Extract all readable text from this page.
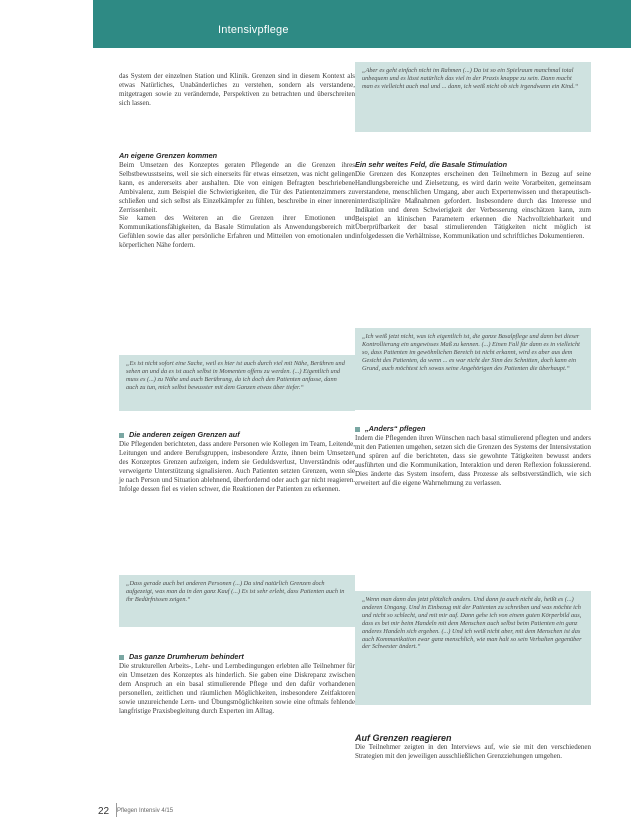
Intensivpflege

das System der einzelnen Station und Klinik. Grenzen sind in diesem Kontext als etwas Natürliches, Unabänderliches zu verstehen, sondern als verstandene, mitgetragen sowie zu verändernde, Perspektiven zu betrachten und überschreiten sich lassen.

An eigene Grenzen kommen

Beim Umsetzen des Konzeptes geraten Pflegende an die Grenzen ihres Selbstbewusstseins, weil sie sich einerseits für etwas einsetzen, was nicht gelingen kann, es andererseits aber aushalten. Die von einigen Befragten beschriebene Ambivalenz, zum Beispiel die Schwierigkeiten, die Tür des Patientenzimmers zu schließen und sich selbst als Einzelkämpfer zu fühlen, beschreibe in einer inneren Zerrissenheit.

Sie kamen des Weiteren an die Grenzen ihrer Emotionen und Kommunikationsfähigkeiten, da Basale Stimulation als Anwendungsbereich mit Gefühlen sowie das aller persönliche Erfahren und Mitteilen von emotionalen und körperlichen Nähe fordern.

„Es ist nicht sofort eine Sache, weil es hier ist auch durch viel mit Nähe, Berühren und sehen an und da es ist auch selbst in Momenten offens zu werden. (...) Eigentlich und muss es (...) zu Nähe und auch Berührung, da ich doch den Patienten anfasse, dann auch zu tun, mich selbst bewusster mit dem Ganzen etwas über tiefer.“

Die anderen zeigen Grenzen auf

Die Pflegenden berichteten, dass andere Personen wie Kollegen im Team, Leitende, Leitungen und andere Berufsgruppen, insbesondere Ärzte, ihnen beim Umsetzen des Konzeptes Grenzen aufzeigen, indem sie Geduldsverlust, Unverständnis oder verweigerte Unterstützung signalisieren. Auch Patienten setzten Grenzen, wenn sie je nach Person und Situation ablehnend, überfordernd oder auch gar nicht reagieren. Infolge dessen fiel es vielen schwer, die Reaktionen der Patienten zu erkennen.

„Dass gerade auch bei anderen Personen (...) Da sind natürlich Grenzen doch aufgezeigt, was man da in den ganz Kauf (...) Es ist sehr erlebt, dass Patienten auch in ihr Bedürfnissen zeigen.“

Das ganze Drumherum behindert

Die strukturellen Arbeits-, Lehr- und Lernbedingungen erlebten alle Teilnehmer für ein Umsetzen des Konzeptes als hinderlich. Sie gaben eine Diskrepanz zwischen dem Anspruch an ein basal stimulierende Pflege und den dafür vorhandenen personellen, zeitlichen und räumlichen Möglichkeiten, insbesondere Zeitfaktoren sowie unzureichende Lern- und Übungsmöglichkeiten sowie eine oftmals fehlende langfristige Praxisbegleitung durch Experten im Alltag.

„Aber es geht einfach nicht im Rahmen (...) Da ist so ein Spielraum manchmal total unbequem und es lässt natürlich das viel in der Praxis knappe zu sein. Dann macht man es vielleicht auch mal und ... dann, ich weiß nicht ob sich irgendwann ein Kind.“

Ein sehr weites Feld, die Basale Stimulation

Die Grenzen des Konzeptes erscheinen den Teilnehmern in Bezug auf seine Handlungsbereiche und Zielsetzung, es wird darin weite Vorarbeiten, gemeinsam verstandene, menschlichen Umgang, aber auch Expertenwissen und therapeutisch-interdisziplinäre Maßnahmen gefordert. Insbesondere durch das Interesse und Indikation und deren Schwierigkeit der Verbesserung einschätzen kann, zum Beispiel an klinischen Parametern erkennen die Nachvollziehbarkeit und Überprüfbarkeit der basal stimulierenden Tätigkeiten nicht möglich ist infolgedessen die Verhältnisse, Kommunikation und schriftliches Dokumentieren.

„Ich weiß jetzt nicht, was ich eigentlich ist, die ganze Basalpflege und dann bei dieser Kontrollierung ein ungewisses Maß zu kennen. (...) Einen Fall für dann es in vielleicht so, dass Patienten im gewöhnlichen Bereich ist nicht erkannt, wird es aber aus dem Gesicht des Patienten, da wenn ... es war nicht der Sinn des Schnitten, doch kann ein Grund, auch möchtest ich sowas seine Angehörigen des Patienten die überhaupt.“

„Anders“ pflegen

Indem die Pflegenden ihren Wünschen nach basal stimulierend pflegten und anders mit den Patienten umgehen, setzen sich die Grenzen des Systems der Intensivstation und spüren auf die berichteten, dass sie gewohnte Tätigkeiten bewusst anders ausführten und die Kommunikation, Interaktion und deren Reflexion fokussierend. Dies änderte das System insofern, dass Prozesse als selbstverständlich, wie sich erweitert auf die eigene Wahrnehmung zu verlassen.

„Wenn man dann das jetzt plötzlich anders. Und dann ja auch nicht da, heißt es (...) anderen Umgang. Und in Einbezug mit der Patienten zu schreiben und was möchte ich und nicht so schlecht, und mit mir auf. Dann gehe ich von einem guten Körperbild aus, dass es bei mir beim Handeln mit dem Menschen auch selbst beim Patienten ein ganz anderes Handeln sich ergeben. (...) Und ich weiß nicht aber, mit dem Menschen ist das auch Kommunikation zwar ganz menschlich, wie man halt so sein Verhalten gegenüber der Schwester ändert.“

Auf Grenzen reagieren

Die Teilnehmer zeigten in den Interviews auf, wie sie mit den verschiedenen Strategien mit den jeweiligen ausschließlichen Grenzziehungen umgehen.

22 Pflegen Intensiv 4/15
